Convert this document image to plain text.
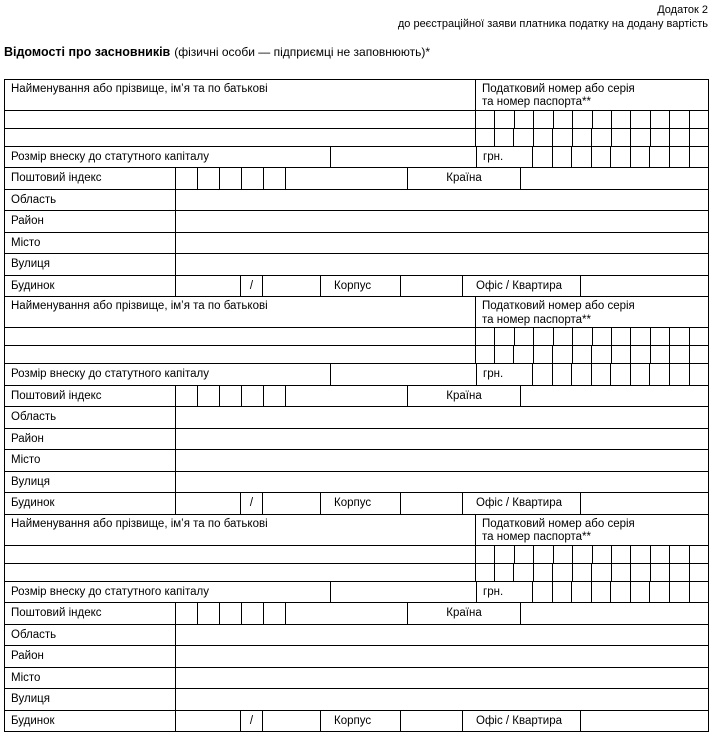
Додаток 2
до реєстраційної заяви платника податку на додану вартість
Відомості про засновників (фізичні особи — підприємці не заповнюють)*
Найменування або прізвище, ім’я та по батькові	Податковий номер або серія
та номер паспорта**
Розмір внеску до статутного капіталу	грн.
Поштовий індекс	Країна
Область
Район
Місто
Вулиця
Будинок	/	Корпус	Офіс / Квартира
Найменування або прізвище, ім’я та по батькові	Податковий номер або серія
та номер паспорта**
Розмір внеску до статутного капіталу	грн.
Поштовий індекс	Країна
Область
Район
Місто
Вулиця
Будинок	/	Корпус	Офіс / Квартира
Найменування або прізвище, ім’я та по батькові	Податковий номер або серія
та номер паспорта**
Розмір внеску до статутного капіталу	грн.
Поштовий індекс	Країна
Область
Район
Місто
Вулиця
Будинок	/	Корпус	Офіс / Квартира
